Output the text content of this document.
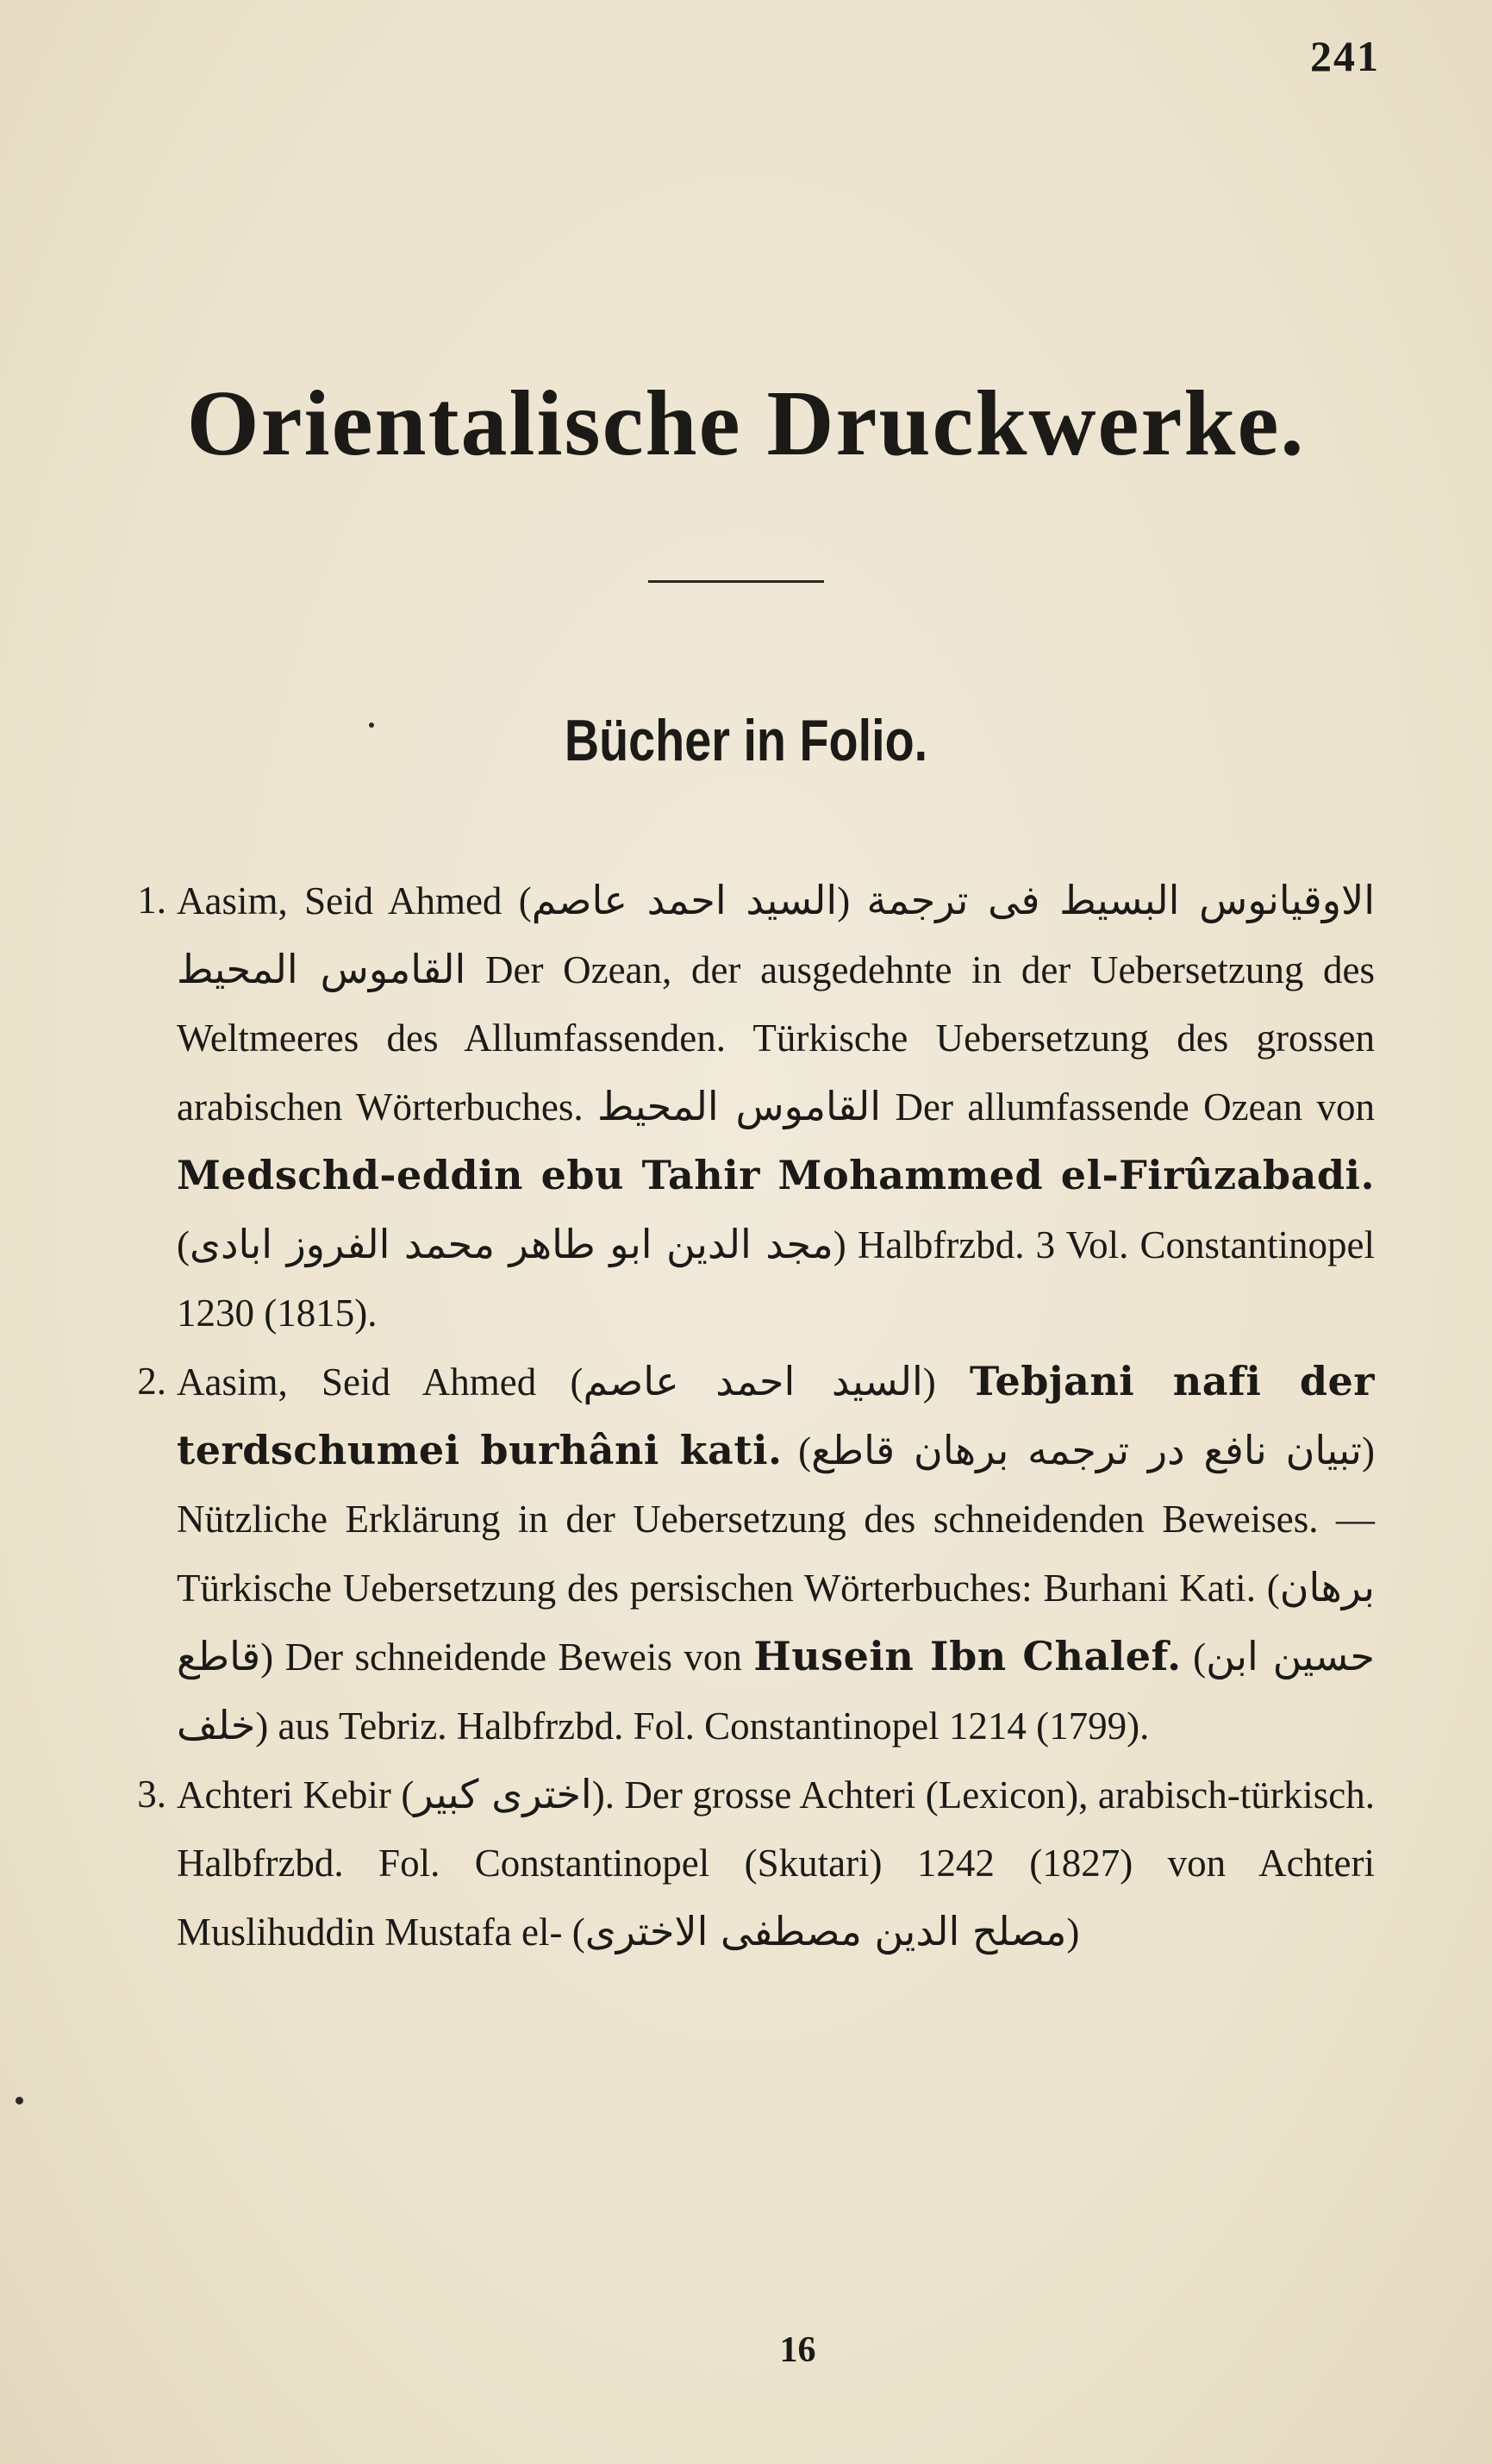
241
Orientalische Druckwerke.
Bücher in Folio.

1. Aasim, Seid Ahmed (السيد احمد عاصم) الاوقيانوس البسيط فى ترجمة القاموس المحيط Der Ozean, der ausgedehnte in der Uebersetzung des Weltmeeres des Allumfassenden. Türkische Uebersetzung des grossen arabischen Wörterbuches. القاموس المحيط Der allumfassende Ozean von Medschd-eddin ebu Tahir Mohammed el-Firûzabadi. (مجد الدين ابو طاهر محمد الفروز ابادى) Halbfrzbd. 3 Vol. Constantinopel 1230 (1815).

2. Aasim, Seid Ahmed (السيد احمد عاصم) Tebjani nafi der terdschumei burhâni kati. (تبيان نافع در ترجمه برهان قاطع) Nützliche Erklärung in der Uebersetzung des schneidenden Beweises. — Türkische Uebersetzung des persischen Wörterbuches: Burhani Kati. (برهان قاطع) Der schneidende Beweis von Husein Ibn Chalef. (حسين ابن خلف) aus Tebriz. Halbfrzbd. Fol. Constantinopel 1214 (1799).

3. Achteri Kebir (اخترى كبير). Der grosse Achteri (Lexicon), arabisch-türkisch. Halbfrzbd. Fol. Constantinopel (Skutari) 1242 (1827) von Achteri Muslihuddin Mustafa el- (مصلح الدين مصطفى الاخترى)

16
